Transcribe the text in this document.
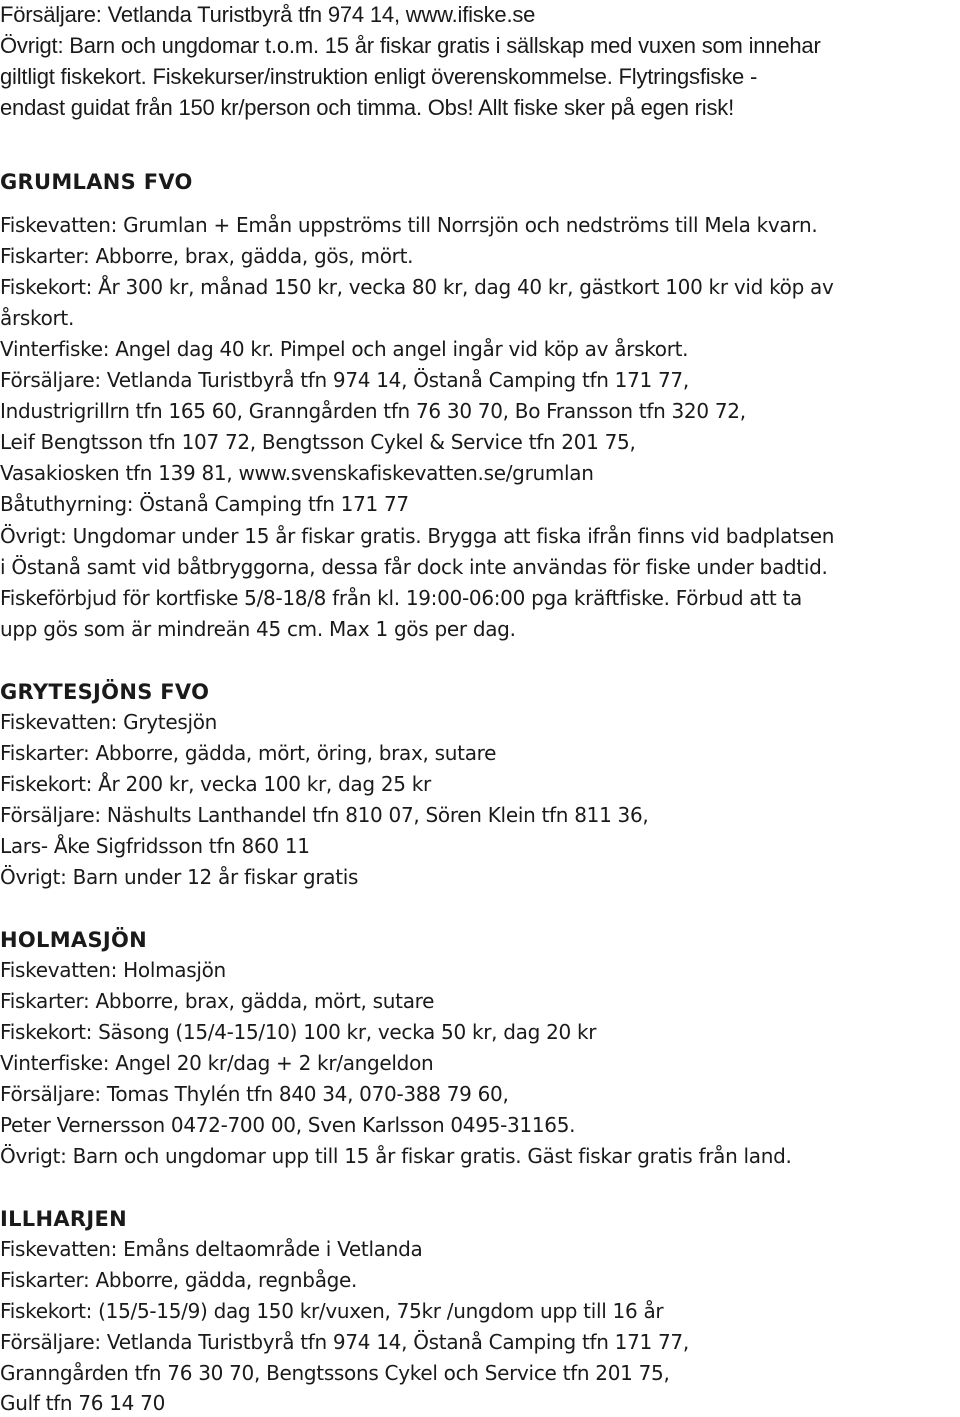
Försäljare: Vetlanda Turistbyrå tfn 974 14, www.ifiske.se

Övrigt: Barn och ungdomar t.o.m. 15 år fiskar gratis i sällskap med vuxen som innehar

giltligt fiskekort. Fiskekurser/instruktion enligt överenskommelse. Flytringsfiske -

endast guidat från 150 kr/person och timma. Obs! Allt fiske sker på egen risk!

GRUMLANS FVO

Fiskevatten: Grumlan + Emån uppströms till Norrsjön och nedströms till Mela kvarn.

Fiskarter: Abborre, brax, gädda, gös, mört.

Fiskekort: År 300 kr, månad 150 kr, vecka 80 kr, dag 40 kr, gästkort 100 kr vid köp av

årskort.

Vinterfiske: Angel dag 40 kr. Pimpel och angel ingår vid köp av årskort.

Försäljare: Vetlanda Turistbyrå tfn 974 14, Östanå Camping tfn 171 77,

Industrigrillrn tfn 165 60, Granngården tfn 76 30 70, Bo Fransson tfn 320 72,

Leif Bengtsson tfn 107 72, Bengtsson Cykel & Service tfn 201 75,

Vasakiosken tfn 139 81, www.svenskafiskevatten.se/grumlan

Båtuthyrning: Östanå Camping tfn 171 77

Övrigt: Ungdomar under 15 år fiskar gratis. Brygga att fiska ifrån finns vid badplatsen

i Östanå samt vid båtbryggorna, dessa får dock inte användas för fiske under badtid.

Fiskeförbjud för kortfiske 5/8-18/8 från kl. 19:00-06:00 pga kräftfiske. Förbud att ta

upp gös som är mindreän 45 cm. Max 1 gös per dag.

GRYTESJÖNS FVO

Fiskevatten: Grytesjön

Fiskarter: Abborre, gädda, mört, öring, brax, sutare

Fiskekort: År 200 kr, vecka 100 kr, dag 25 kr

Försäljare: Näshults Lanthandel tfn 810 07, Sören Klein tfn 811 36,

Lars- Åke Sigfridsson tfn 860 11

Övrigt: Barn under 12 år fiskar gratis

HOLMASJÖN

Fiskevatten: Holmasjön

Fiskarter: Abborre, brax, gädda, mört, sutare

Fiskekort: Säsong (15/4-15/10) 100 kr, vecka 50 kr, dag 20 kr

Vinterfiske: Angel 20 kr/dag + 2 kr/angeldon

Försäljare: Tomas Thylén tfn 840 34, 070-388 79 60,

Peter Vernersson 0472-700 00, Sven Karlsson 0495-31165.

Övrigt: Barn och ungdomar upp till 15 år fiskar gratis. Gäst fiskar gratis från land.

ILLHARJEN

Fiskevatten: Emåns deltaområde i Vetlanda

Fiskarter: Abborre, gädda, regnbåge.

Fiskekort: (15/5-15/9) dag 150 kr/vuxen, 75kr /ungdom upp till 16 år

Försäljare: Vetlanda Turistbyrå tfn 974 14, Östanå Camping tfn 171 77,

Granngården tfn 76 30 70, Bengtssons Cykel och Service tfn 201 75,

Gulf tfn 76 14 70
